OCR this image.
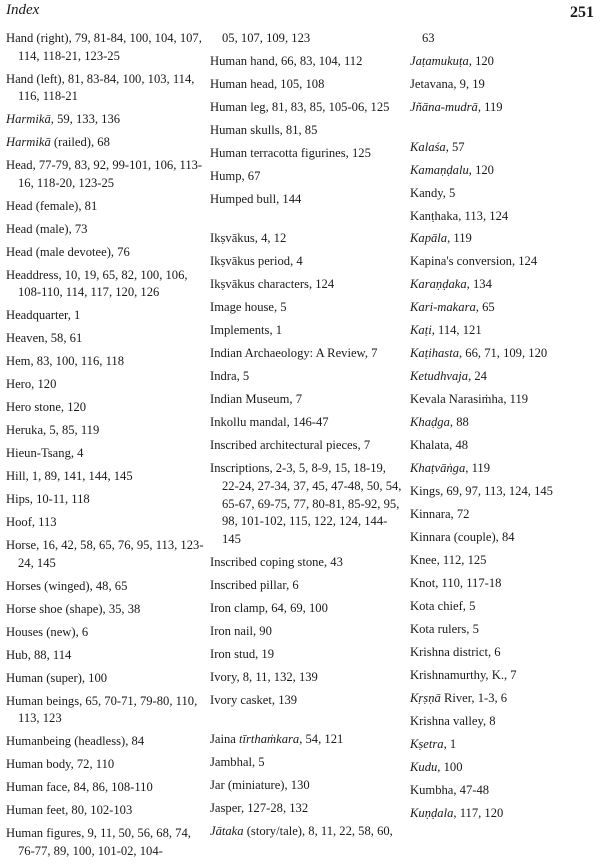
Index	251
Hand (right), 79, 81-84, 100, 104, 107, 114, 118-21, 123-25
Hand (left), 81, 83-84, 100, 103, 114, 116, 118-21
Harmikā, 59, 133, 136
Harmikā (railed), 68
Head, 77-79, 83, 92, 99-101, 106, 113-16, 118-20, 123-25
Head (female), 81
Head (male), 73
Head (male devotee), 76
Headdress, 10, 19, 65, 82, 100, 106, 108-110, 114, 117, 120, 126
Headquarter, 1
Heaven, 58, 61
Hem, 83, 100, 116, 118
Hero, 120
Hero stone, 120
Heruka, 5, 85, 119
Hieun-Tsang, 4
Hill, 1, 89, 141, 144, 145
Hips, 10-11, 118
Hoof, 113
Horse, 16, 42, 58, 65, 76, 95, 113, 123-24, 145
Horses (winged), 48, 65
Horse shoe (shape), 35, 38
Houses (new), 6
Hub, 88, 114
Human (super), 100
Human beings, 65, 70-71, 79-80, 110, 113, 123
Humanbeing (headless), 84
Human body, 72, 110
Human face, 84, 86, 108-110
Human feet, 80, 102-103
Human figures, 9, 11, 50, 56, 68, 74, 76-77, 89, 100, 101-02, 104-
05, 107, 109, 123
Human hand, 66, 83, 104, 112
Human head, 105, 108
Human leg, 81, 83, 85, 105-06, 125
Human skulls, 81, 85
Human terracotta figurines, 125
Hump, 67
Humped bull, 144
Ikṣvākus, 4, 12
Ikṣvākus period, 4
Ikṣvākus characters, 124
Image house, 5
Implements, 1
Indian Archaeology: A Review, 7
Indra, 5
Indian Museum, 7
Inkollu mandal, 146-47
Inscribed architectural pieces, 7
Inscriptions, 2-3, 5, 8-9, 15, 18-19, 22-24, 27-34, 37, 45, 47-48, 50, 54, 65-67, 69-75, 77, 80-81, 85-92, 95, 98, 101-102, 115, 122, 124, 144-145
Inscribed coping stone, 43
Inscribed pillar, 6
Iron clamp, 64, 69, 100
Iron nail, 90
Iron stud, 19
Ivory, 8, 11, 132, 139
Ivory casket, 139
Jaina tīrthaṁkara, 54, 121
Jambhal, 5
Jar (miniature), 130
Jasper, 127-28, 132
Jātaka (story/tale), 8, 11, 22, 58, 60,
63
Jaṭamukuṭa, 120
Jetavana, 9, 19
Jñāna-mudrā, 119
Kalaśa, 57
Kamaṇḍalu, 120
Kandy, 5
Kanṭhaka, 113, 124
Kapāla, 119
Kapina's conversion, 124
Karaṇḍaka, 134
Kari-makara, 65
Kaṭi, 114, 121
Kaṭihasta, 66, 71, 109, 120
Ketudhvaja, 24
Kevala Narasiṁha, 119
Khaḍga, 88
Khalata, 48
Khaṭvāṅga, 119
Kings, 69, 97, 113, 124, 145
Kinnara, 72
Kinnara (couple), 84
Knee, 112, 125
Knot, 110, 117-18
Kota chief, 5
Kota rulers, 5
Krishna district, 6
Krishnamurthy, K., 7
Kṛṣṇā River, 1-3, 6
Krishna valley, 8
Kṣetra, 1
Kudu, 100
Kumbha, 47-48
Kuṇḍala, 117, 120
